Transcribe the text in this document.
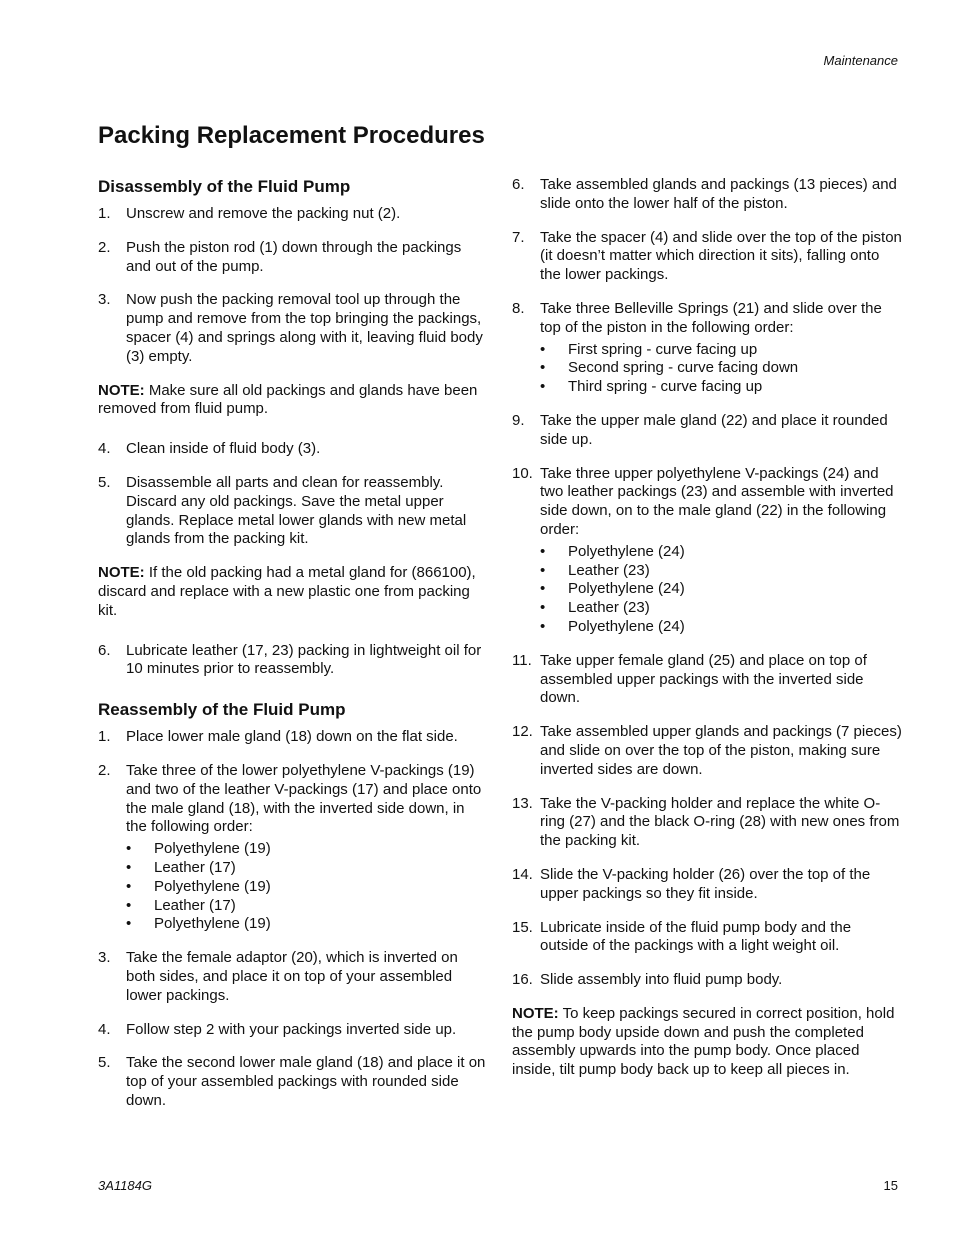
Maintenance
Packing Replacement Procedures
Disassembly of the Fluid Pump
1.	Unscrew and remove the packing nut (2).
2.	Push the piston rod (1) down through the packings and out of the pump.
3.	Now push the packing removal tool up through the pump and remove from the top bringing the packings, spacer (4) and springs along with it, leaving fluid body (3) empty.

NOTE: Make sure all old packings and glands have been removed from fluid pump.

4.	Clean inside of fluid body (3).
5.	Disassemble all parts and clean for reassembly. Discard any old packings. Save the metal upper glands. Replace metal lower glands with new metal glands from the packing kit.

NOTE: If the old packing had a metal gland for (866100), discard and replace with a new plastic one from packing kit.

6.	Lubricate leather (17, 23) packing in lightweight oil for 10 minutes prior to reassembly.
Reassembly of the Fluid Pump
1.	Place lower male gland (18) down on the flat side.
2.	Take three of the lower polyethylene V-packings (19) and two of the leather V-packings (17) and place onto the male gland (18), with the inverted side down, in the following order:
•	Polyethylene (19)
•	Leather (17)
•	Polyethylene (19)
•	Leather (17)
•	Polyethylene (19)
3.	Take the female adaptor (20), which is inverted on both sides, and place it on top of your assembled lower packings.
4.	Follow step 2 with your packings inverted side up.
5.	Take the second lower male gland (18) and place it on top of your assembled packings with rounded side down.
6.	Take assembled glands and packings (13 pieces) and slide onto the lower half of the piston.
7.	Take the spacer (4) and slide over the top of the piston (it doesn’t matter which direction it sits), falling onto the lower packings.
8.	Take three Belleville Springs (21) and slide over the top of the piston in the following order:
•	First spring - curve facing up
•	Second spring - curve facing down
•	Third spring - curve facing up
9.	Take the upper male gland (22) and place it rounded side up.
10. Take three upper polyethylene V-packings (24) and two leather packings (23) and assemble with inverted side down, on to the male gland (22) in the following order:
•	Polyethylene (24)
•	Leather (23)
•	Polyethylene (24)
•	Leather (23)
•	Polyethylene (24)
11. Take upper female gland (25) and place on top of assembled upper packings with the inverted side down.
12. Take assembled upper glands and packings (7 pieces) and slide on over the top of the piston, making sure inverted sides are down.
13. Take the V-packing holder and replace the white O-ring (27) and the black O-ring (28) with new ones from the packing kit.
14. Slide the V-packing holder (26) over the top of the upper packings so they fit inside.
15. Lubricate inside of the fluid pump body and the outside of the packings with a light weight oil.
16. Slide assembly into fluid pump body.

NOTE: To keep packings secured in correct position, hold the pump body upside down and push the completed assembly upwards into the pump body. Once placed inside, tilt pump body back up to keep all pieces in.

3A1184G	15
